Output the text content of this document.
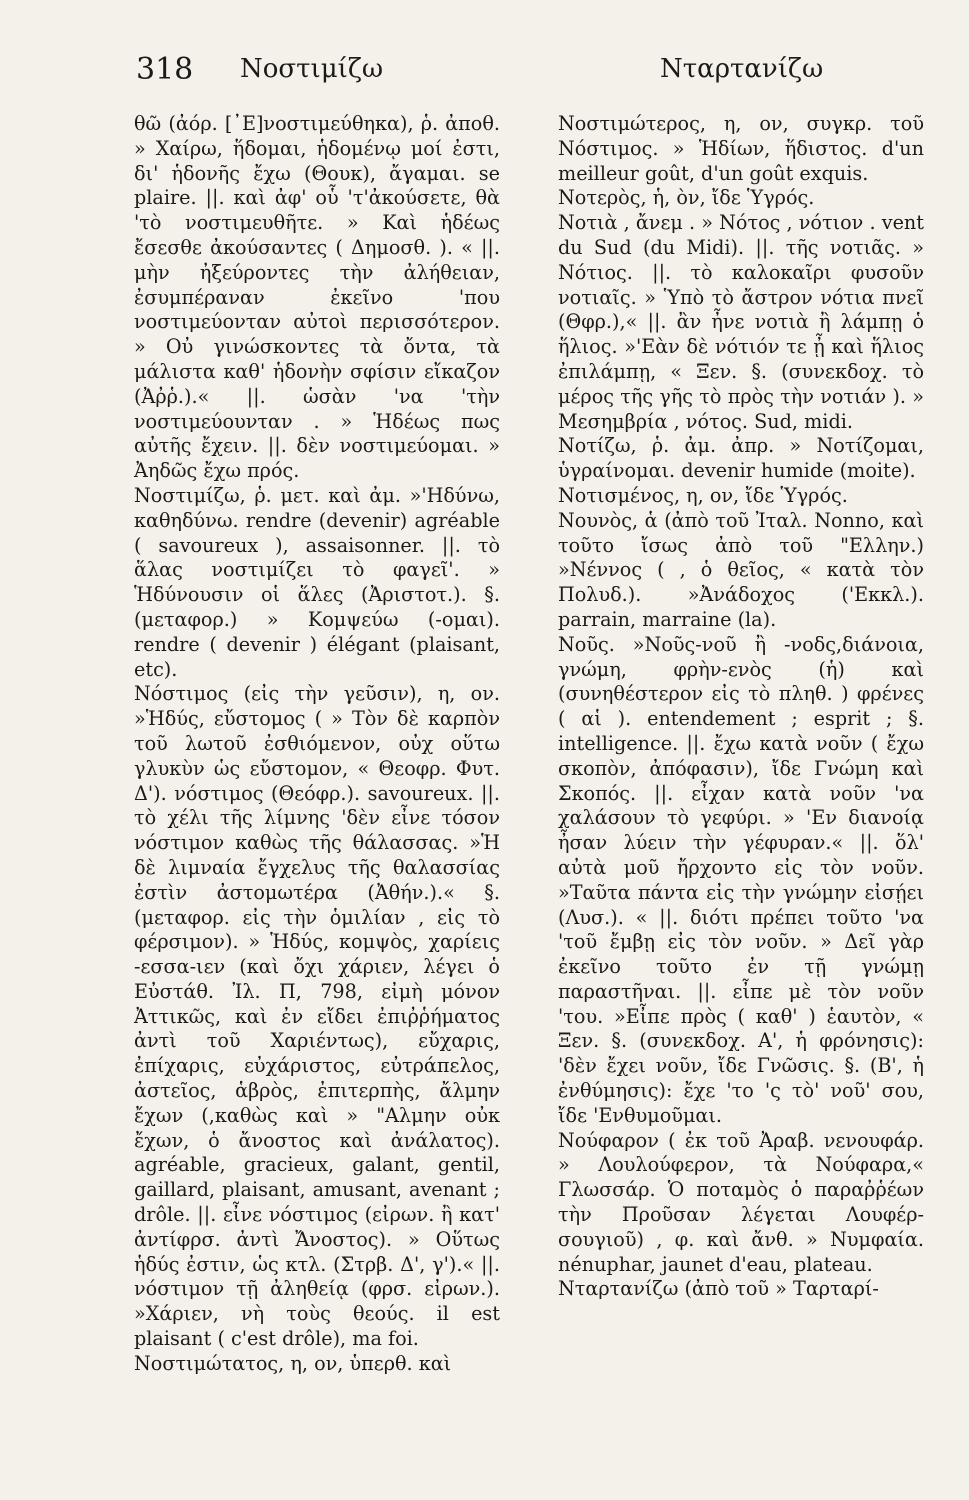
318 Νοστιμίζω	Νταρτανίζω

θῶ (ἀόρ. [᾿Ε]νοστιμεύθηκα), ῥ. ἀποθ. » Χαίρω, ἥδομαι, ἡδομένῳ μοί ἐστι, δι' ἡδονῆς ἔχω (Θουκ), ἄγαμαι. se plaire. ||. καὶ ἀφ' οὗ 'τ'ἀκούσετε, θὰ 'τὸ νοστιμευθῆτε. » Καὶ ἡδέως ἔσεσθε ἀκούσαντες ( Δημοσθ. ). « ||. μὴν ἠξεύροντες τὴν ἀλήθειαν, ἐσυμπέραναν ἐκεῖνο 'που νοστιμεύονταν αὐτοὶ περισσότερον. » Οὐ γινώσκοντες τὰ ὄντα, τὰ μάλιστα καθ' ἡδονὴν σφίσιν εἴκαζον (Ἀῤῥ.).« ||. ὡσὰν 'να 'τὴν νοστιμεύουνταν . » Ἡδέως πως αὐτῆς ἔχειν. ||. δὲν νοστιμεύομαι. » Ἀηδῶς ἔχω πρός.

Νοστιμίζω, ῥ. μετ. καὶ ἀμ. »'Ηδύνω, καθηδύνω. rendre (devenir) agréable ( savoureux ), assaisonner. ||. τὸ ἅλας νοστιμίζει τὸ φαγεῖ'. » Ἡδύνουσιν οἱ ἅλες (Ἀριστοτ.). §. (μεταφορ.) » Κομψεύω (-ομαι). rendre ( devenir ) élégant (plaisant, etc).

Νόστιμος (εἰς τὴν γεῦσιν), η, ον. »Ἡδύς, εὔστομος ( » Τὸν δὲ καρπὸν τοῦ λωτοῦ ἐσθιόμενον, οὐχ οὕτω γλυκὺν ὡς εὔστομον, « Θεοφρ. Φυτ. Δ'). νόστιμος (Θεόφρ.). savoureux. ||. τὸ χέλι τῆς λίμνης 'δὲν εἶνε τόσον νόστιμον καθὼς τῆς θάλασσας. »Ἡ δὲ λιμναία ἔγχελυς τῆς θαλασσίας ἐστὶν ἀστομωτέρα (Ἀθήν.).« §. (μεταφορ. εἰς τὴν ὁμιλίαν , εἰς τὸ φέρσιμον). » Ἡδύς, κομψὸς, χαρίεις -εσσα-ιεν (καὶ ὄχι χάριεν, λέγει ὁ Εὐστάθ. Ἰλ. Π, 798, εἰμὴ μόνον Ἀττικῶς, καὶ ἐν εἴδει ἐπιῤῥήματος ἀντὶ τοῦ Χαριέντως), εὔχαρις, ἐπίχαρις, εὐχάριστος, εὐτράπελος, ἀστεῖος, ἁβρὸς, ἐπιτερπὴς, ἄλμην ἔχων (,καθὼς καὶ » "Αλμην οὐκ ἔχων, ὁ ἄνοστος καὶ ἀνάλατος). agréable, gracieux, galant, gentil, gaillard, plaisant, amusant, avenant ; drôle. ||. εἶνε νόστιμος (εἰρων. ἢ κατ' ἀντίφρσ. ἀντὶ Ἄνοστος). » Οὕτως ἡδύς ἐστιν, ὡς κτλ. (Στρβ. Δ', γ').« ||. νόστιμον τῇ ἀληθείᾳ (φρσ. εἰρων.). »Χάριεν, νὴ τοὺς θεούς. il est plaisant ( c'est drôle), ma foi.

Νοστιμώτατος, η, ον, ὑπερθ. καὶ

Νοστιμώτερος, η, ον, συγκρ. τοῦ Νόστιμος. » Ἡδίων, ἥδιστος. d'un meilleur goût, d'un goût exquis.

Νοτερὸς, ἡ, ὸν, ἴδε Ὑγρός.

Νοτιὰ , ἄνεμ . » Νότος , νότιον . vent du Sud (du Midi). ||. τῆς νοτιᾶς. » Νότιος. ||. τὸ καλοκαῖρι φυσοῦν νοτιαῖς. » Ὑπὸ τὸ ἄστρον νότια πνεῖ (Θφρ.),« ||. ἂν ἦνε νοτιὰ ἢ λάμπῃ ὁ ἥλιος. »'Εὰν δὲ νότιόν τε ᾖ καὶ ἥλιος ἐπιλάμπῃ, « Ξεν. §. (συνεκδοχ. τὸ μέρος τῆς γῆς τὸ πρὸς τὴν νοτιάν ). » Μεσημβρία , νότος. Sud, midi.

Νοτίζω, ῥ. ἀμ. ἀπρ. » Νοτίζομαι, ὑγραίνομαι. devenir humide (moite).

Νοτισμένος, η, ον, ἴδε Ὑγρός.

Νουνὸς, ἁ (ἀπὸ τοῦ Ἰταλ. Nonno, καὶ τοῦτο ἴσως ἀπὸ τοῦ "Ελλην.) »Νέννος ( , ὁ θεῖος, « κατὰ τὸν Πολυδ.). »Ἀνάδοχος ('Εκκλ.). parrain, marraine (la).

Νοῦς. »Νοῦς-νοῦ ἢ -νοδς,διάνοια, γνώμη, φρὴν-ενὸς (ἡ) καὶ (συνηθέστερον εἰς τὸ πληθ. ) φρένες ( αἱ ). entendement ; esprit ; §. intelligence. ||. ἔχω κατὰ νοῦν ( ἔχω σκοπὸν, ἀπόφασιν), ἴδε Γνώμη καὶ Σκοπός. ||. εἶχαν κατὰ νοῦν 'να χαλάσουν τὸ γεφύρι. » 'Εν διανοίᾳ ἦσαν λύειν τὴν γέφυραν.« ||. ὅλ' αὐτὰ μοῦ ἤρχοντο εἰς τὸν νοῦν. »Ταῦτα πάντα εἰς τὴν γνώμην εἰσῄει (Λυσ.). « ||. διότι πρέπει τοῦτο 'να 'τοῦ ἔμβῃ εἰς τὸν νοῦν. » Δεῖ γὰρ ἐκεῖνο τοῦτο ἐν τῇ γνώμῃ παραστῆναι. ||. εἶπε μὲ τὸν νοῦν 'του. »Εἶπε πρὸς ( καθ' ) ἑαυτὸν, « Ξεν. §. (συνεκδοχ. Α', ἡ φρόνησις): 'δὲν ἔχει νοῦν, ἴδε Γνῶσις. §. (Β', ἡ ἐνθύμησις): ἔχε 'το 'ς τὸ' νοῦ' σου, ἴδε 'Ενθυμοῦμαι.

Νούφαρον ( ἐκ τοῦ Ἀραβ. νενουφάρ. » Λουλούφερον, τὰ Νούφαρα,« Γλωσσάρ. Ὁ ποταμὸς ὁ παραῤῥέων τὴν Προῦσαν λέγεται Λουφέρ-σουγιοῦ) , φ. καὶ ἄνθ. » Νυμφαία. nénuphar, jaunet d'eau, plateau.

Νταρτανίζω (ἀπὸ τοῦ » Ταρταρί-
